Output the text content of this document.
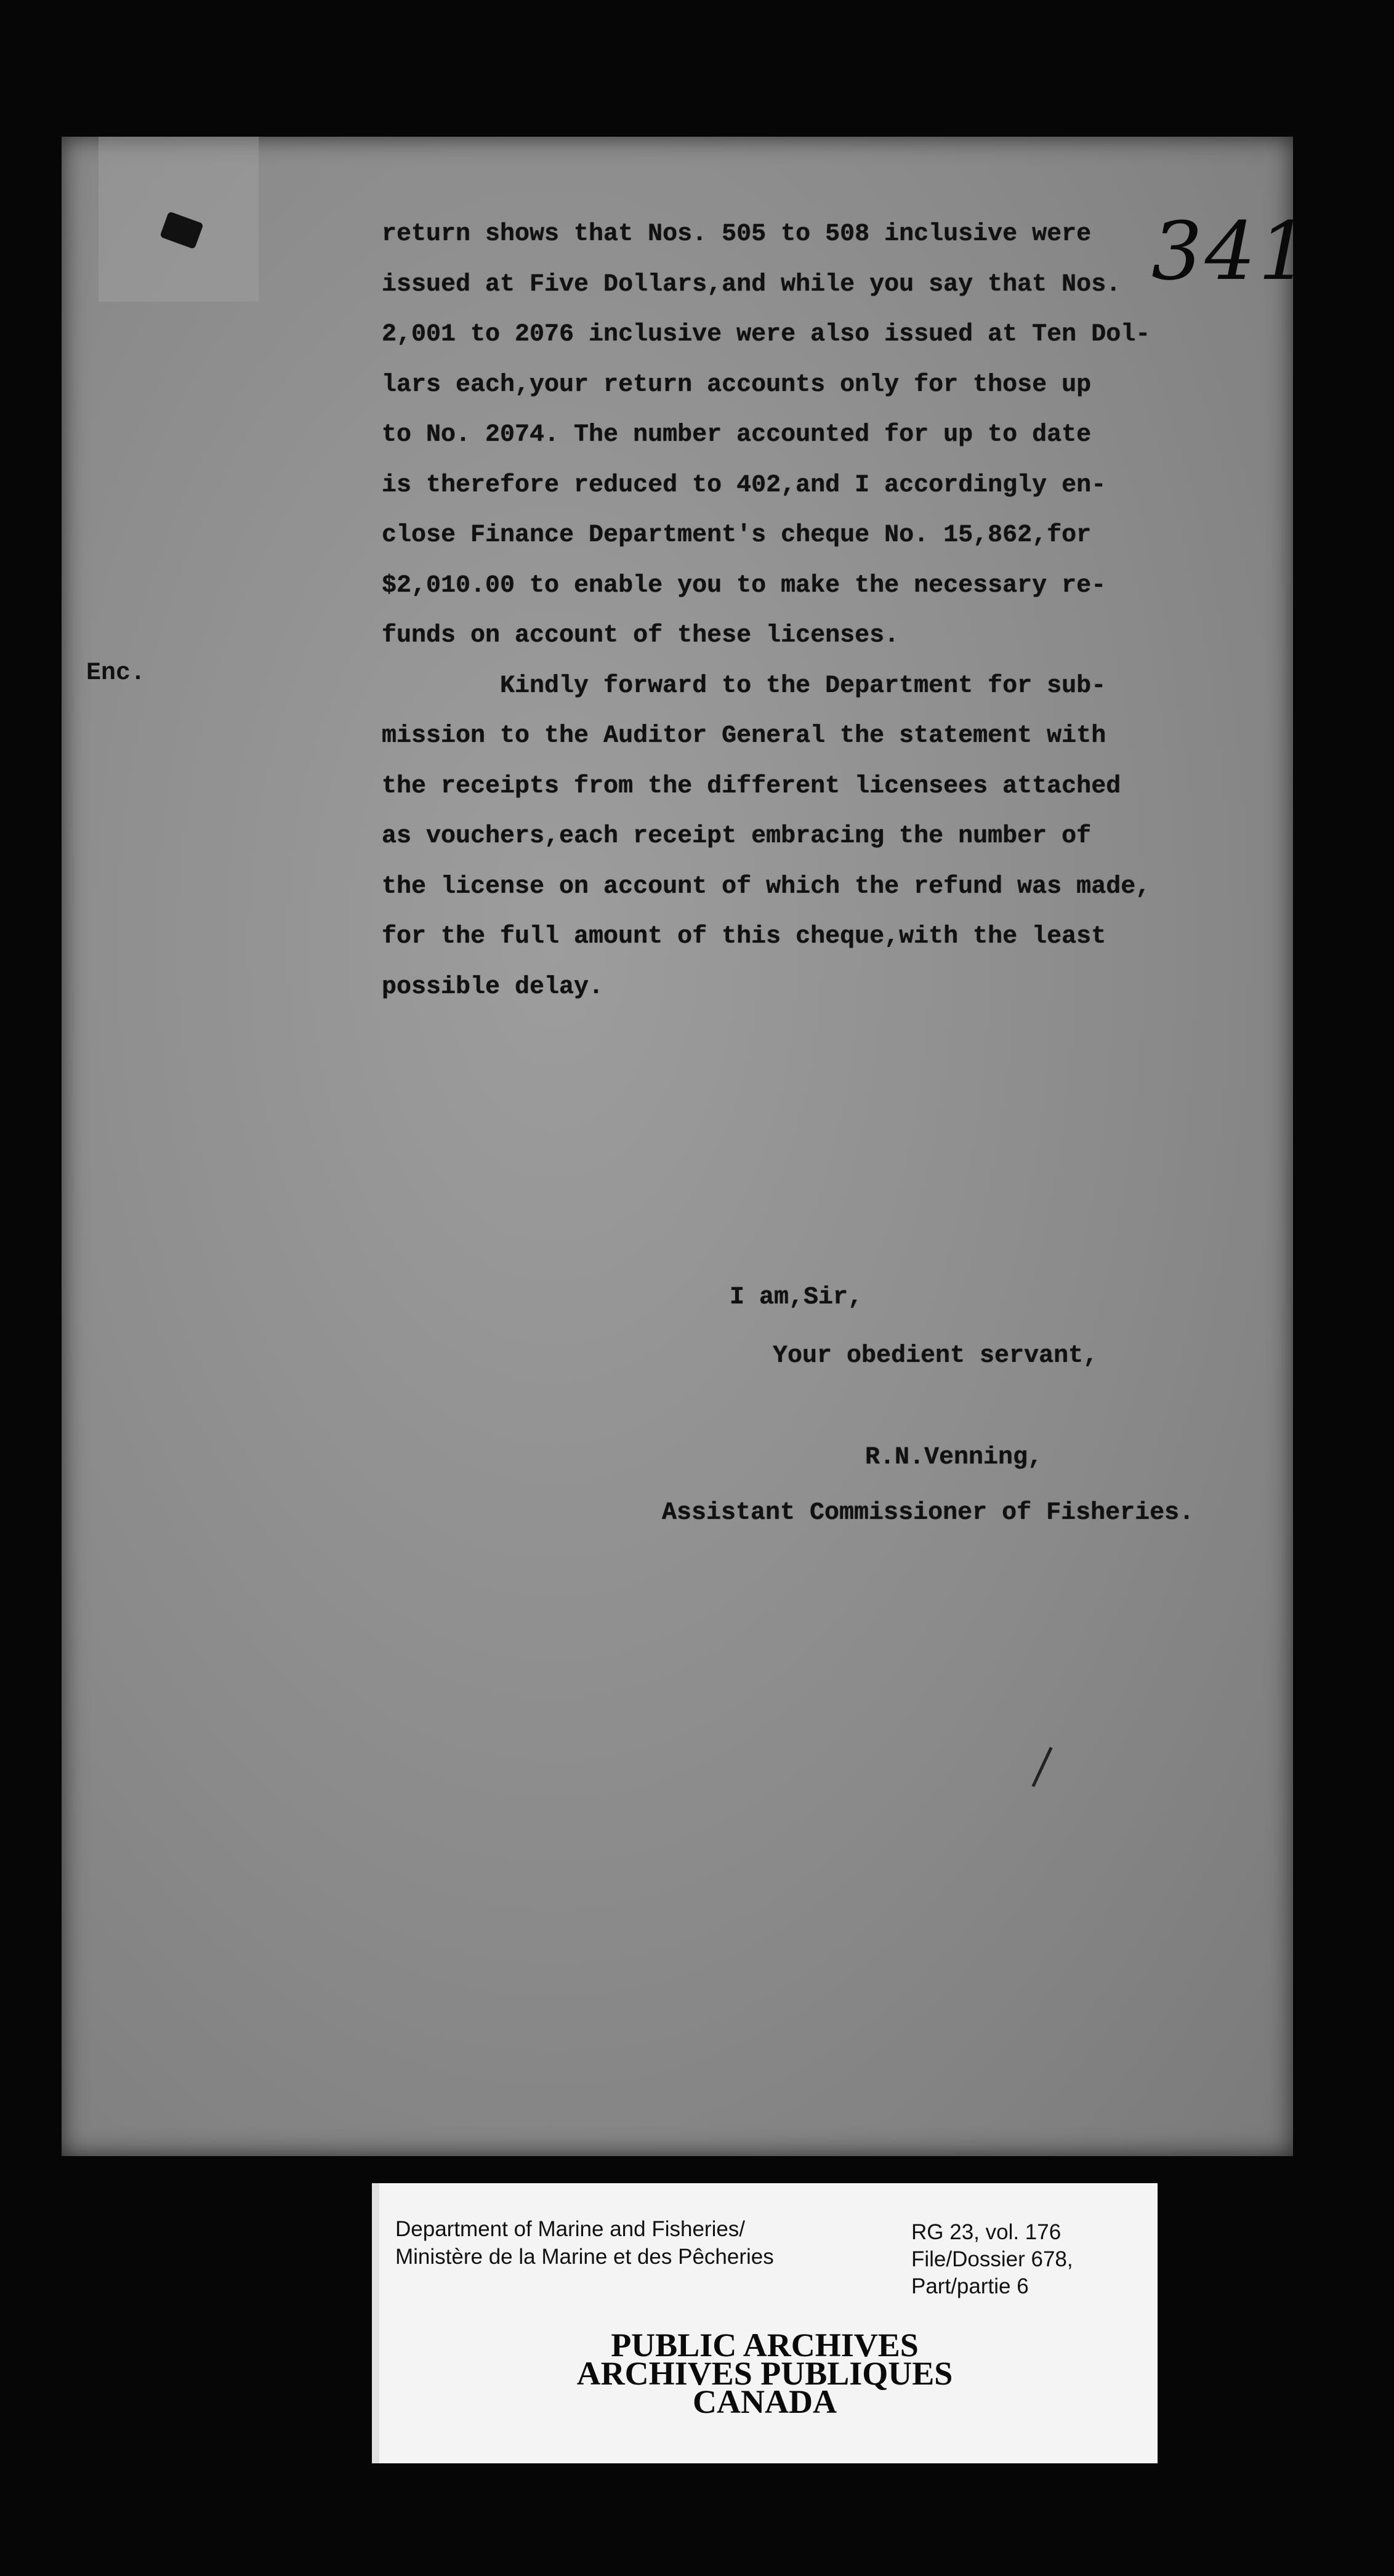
341
Enc.
return shows that Nos. 505 to 508 inclusive were
issued at Five Dollars,and while you say that Nos.
2,001 to 2076 inclusive were also issued at Ten Dol-
lars each,your return accounts only for those up
to No. 2074. The number accounted for up to date
is therefore reduced to 402,and I accordingly en-
close Finance Department's cheque No. 15,862,for
$2,010.00 to enable you to make the necessary re-
funds on account of these licenses.
Kindly forward to the Department for sub-
mission to the Auditor General the statement with
the receipts from the different licensees attached
as vouchers,each receipt embracing the number of
the license on account of which the refund was made,
for the full amount of this cheque,with the least
possible delay.
I am,Sir,
Your obedient servant,
R.N.Venning,
Assistant Commissioner of Fisheries.
Department of Marine and Fisheries/
Ministère de la Marine et des Pêcheries
RG 23, vol. 176
File/Dossier 678,
Part/partie 6
PUBLIC ARCHIVES
ARCHIVES PUBLIQUES
CANADA
